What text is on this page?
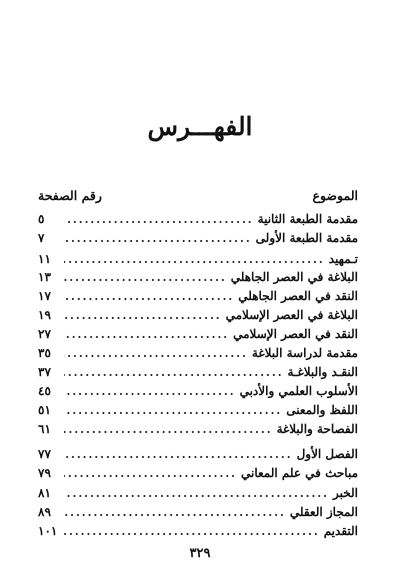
الفهـــرس
الموضوع
رقم الصفحة
مقدمة الطبعة الثانية
.....
٥
مقدمة الطبعة الأولى
.....
٧
تـمهيد
.....
١١
البلاغة في العصر الجاهلي
.....
١٣
النقد في العصر الجاهلي
.....
١٧
البلاغة في العصر الإسلامي
.....
١٩
النقد في العصر الإسلامي
.....
٢٧
مقدمة لدراسة البلاغة
.....
٣٥
النقـد والبلاغـة
.....
٣٧
الأسلوب العلمي والأدبي
.....
٤٥
اللفظ والمعنى
.....
٥١
الفصاحة والبلاغة
.....
٦١
الفصل الأول
.....
٧٧
مباحث في علم المعاني
.....
٧٩
الخبر
.....
٨١
المجاز العقلي
.....
٨٩
التقديم
.....
١٠١
٣٢٩
